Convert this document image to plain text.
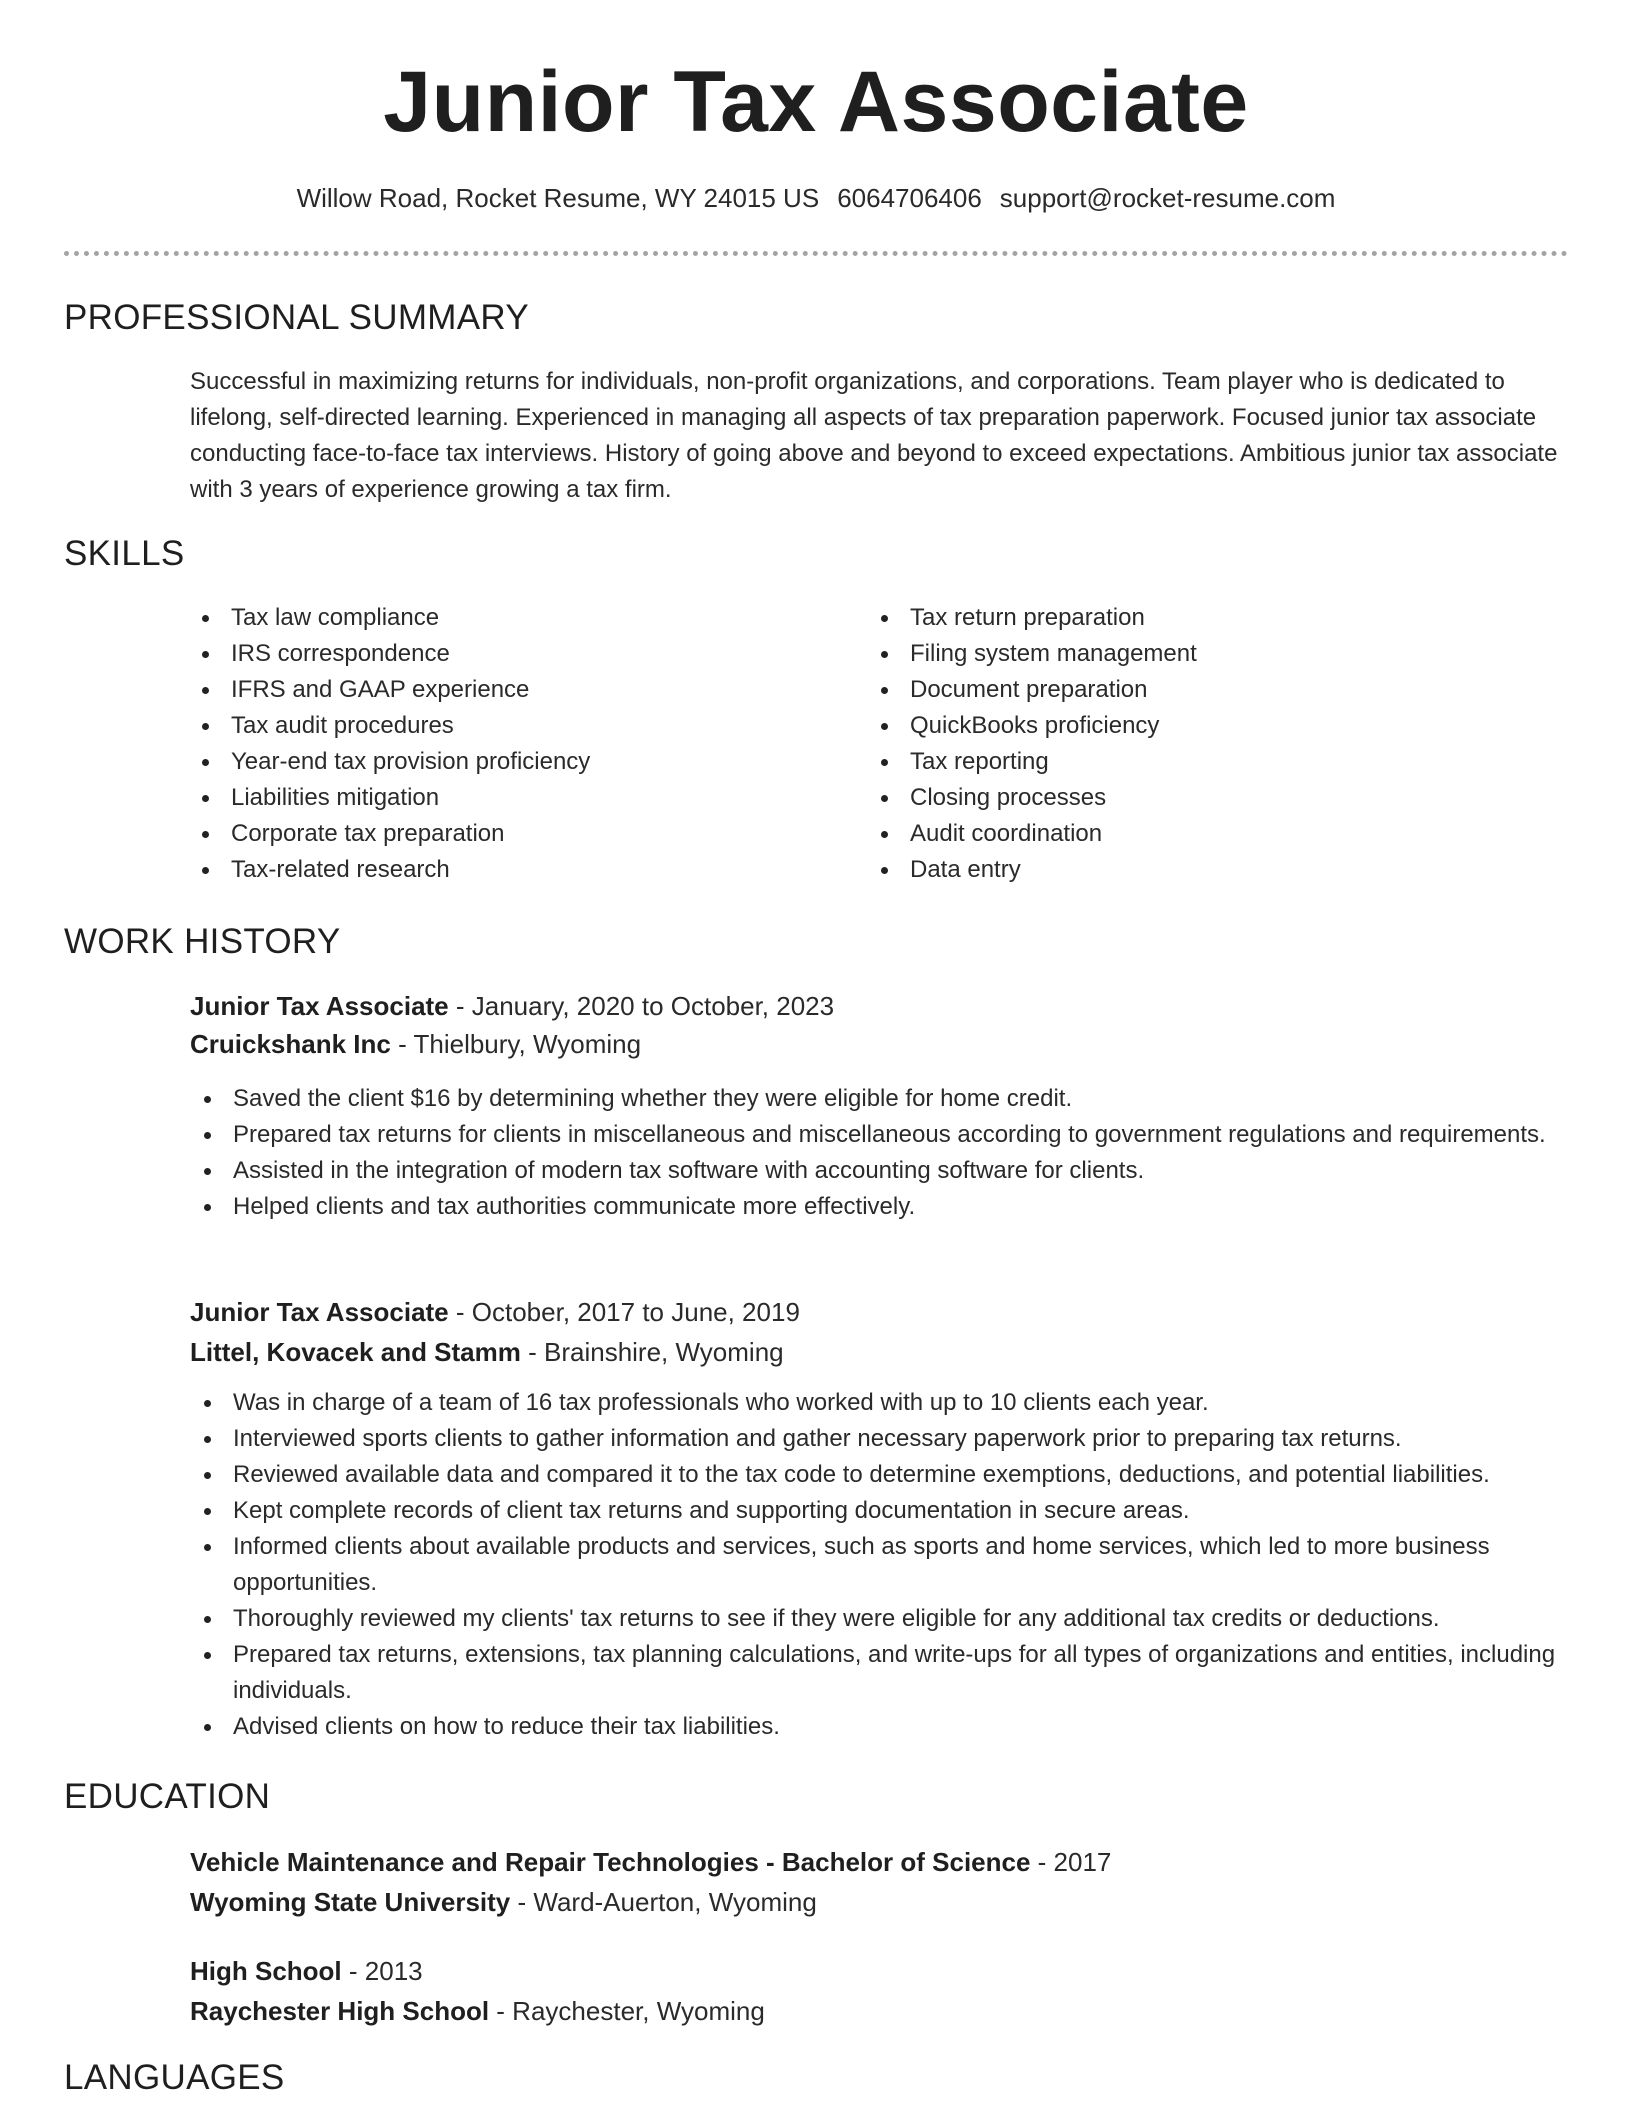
Junior Tax Associate
Willow Road, Rocket Resume, WY 24015 US 6064706406 support@rocket-resume.com
PROFESSIONAL SUMMARY

Successful in maximizing returns for individuals, non-profit organizations, and corporations. Team player who is dedicated to lifelong, self-directed learning. Experienced in managing all aspects of tax preparation paperwork. Focused junior tax associate conducting face-to-face tax interviews. History of going above and beyond to exceed expectations. Ambitious junior tax associate with 3 years of experience growing a tax firm.

SKILLS
Tax law compliance
IRS correspondence
IFRS and GAAP experience
Tax audit procedures
Year-end tax provision proficiency
Liabilities mitigation
Corporate tax preparation
Tax-related research
Tax return preparation
Filing system management
Document preparation
QuickBooks proficiency
Tax reporting
Closing processes
Audit coordination
Data entry
WORK HISTORY
Junior Tax Associate - January, 2020 to October, 2023
Cruickshank Inc - Thielbury, Wyoming
Saved the client $16 by determining whether they were eligible for home credit.
Prepared tax returns for clients in miscellaneous and miscellaneous according to government regulations and requirements.
Assisted in the integration of modern tax software with accounting software for clients.
Helped clients and tax authorities communicate more effectively.
Junior Tax Associate - October, 2017 to June, 2019
Littel, Kovacek and Stamm - Brainshire, Wyoming
Was in charge of a team of 16 tax professionals who worked with up to 10 clients each year.
Interviewed sports clients to gather information and gather necessary paperwork prior to preparing tax returns.
Reviewed available data and compared it to the tax code to determine exemptions, deductions, and potential liabilities.
Kept complete records of client tax returns and supporting documentation in secure areas.
Informed clients about available products and services, such as sports and home services, which led to more business opportunities.
Thoroughly reviewed my clients' tax returns to see if they were eligible for any additional tax credits or deductions.
Prepared tax returns, extensions, tax planning calculations, and write-ups for all types of organizations and entities, including individuals.
Advised clients on how to reduce their tax liabilities.
EDUCATION
Vehicle Maintenance and Repair Technologies - Bachelor of Science - 2017
Wyoming State University - Ward-Auerton, Wyoming
High School - 2013
Raychester High School - Raychester, Wyoming
LANGUAGES
